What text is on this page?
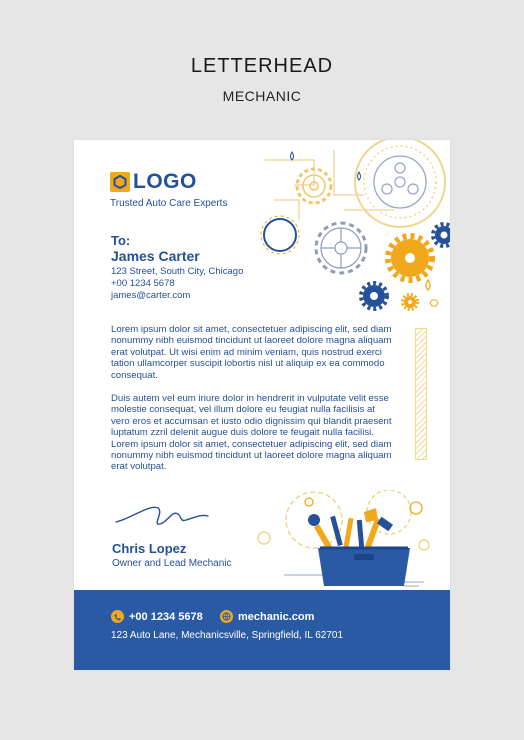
LETTERHEAD
MECHANIC
LOGO
Trusted Auto Care Experts
To:
James Carter
123 Street, South City, Chicago
+00 1234 5678
james@carter.com

Lorem ipsum dolor sit amet, consectetuer adipiscing elit, sed diam nonummy nibh euismod tincidunt ut laoreet dolore magna aliquam erat volutpat. Ut wisi enim ad minim veniam, quis nostrud exerci tation ullamcorper suscipit lobortis nisl ut aliquip ex ea commodo consequat.

Duis autem vel eum iriure dolor in hendrerit in vulputate velit esse molestie consequat, vel illum dolore eu feugiat nulla facilisis at vero eros et accumsan et iusto odio dignissim qui blandit praesent luptatum zzril delenit augue duis dolore te feugait nulla facilisi. Lorem ipsum dolor sit amet, consectetuer adipiscing elit, sed diam nonummy nibh euismod tincidunt ut laoreet dolore magna aliquam erat volutpat.

Chris Lopez
Owner and Lead Mechanic
+00 1234 5678	mechanic.com
123 Auto Lane, Mechanicsville, Springfield, IL 62701
